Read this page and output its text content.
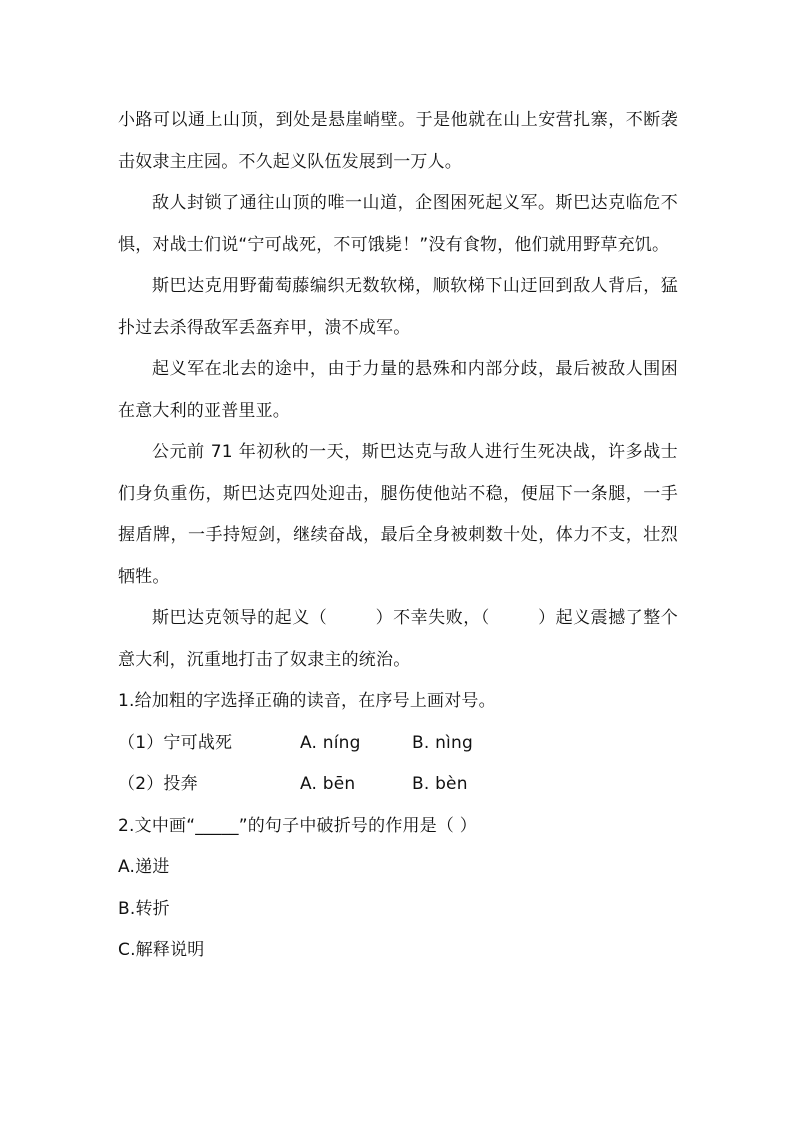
小路可以通上山顶，到处是悬崖峭壁。于是他就在山上安营扎寨，不断袭击奴隶主庄园。不久起义队伍发展到一万人。

敌人封锁了通往山顶的唯一山道，企图困死起义军。斯巴达克临危不惧，对战士们说“宁可战死，不可饿毙！”没有食物，他们就用野草充饥。

斯巴达克用野葡萄藤编织无数软梯，顺软梯下山迂回到敌人背后，猛扑过去杀得敌军丢盔弃甲，溃不成军。

起义军在北去的途中，由于力量的悬殊和内部分歧，最后被敌人围困在意大利的亚普里亚。

公元前 71 年初秋的一天，斯巴达克与敌人进行生死决战，许多战士们身负重伤，斯巴达克四处迎击，腿伤使他站不稳，便屈下一条腿，一手握盾牌，一手持短剑，继续奋战，最后全身被刺数十处，体力不支，壮烈牺牲。

斯巴达克领导的起义（	）不幸失败，（	）起义震撼了整个意大利，沉重地打击了奴隶主的统治。

1.给加粗的字选择正确的读音，在序号上画对号。

（1）宁可战死	A. níng	B. nìng
（2）投奔	A. bēn	B. bèn

2.文中画“_____”的句子中破折号的作用是（ ）

A.递进

B.转折

C.解释说明
